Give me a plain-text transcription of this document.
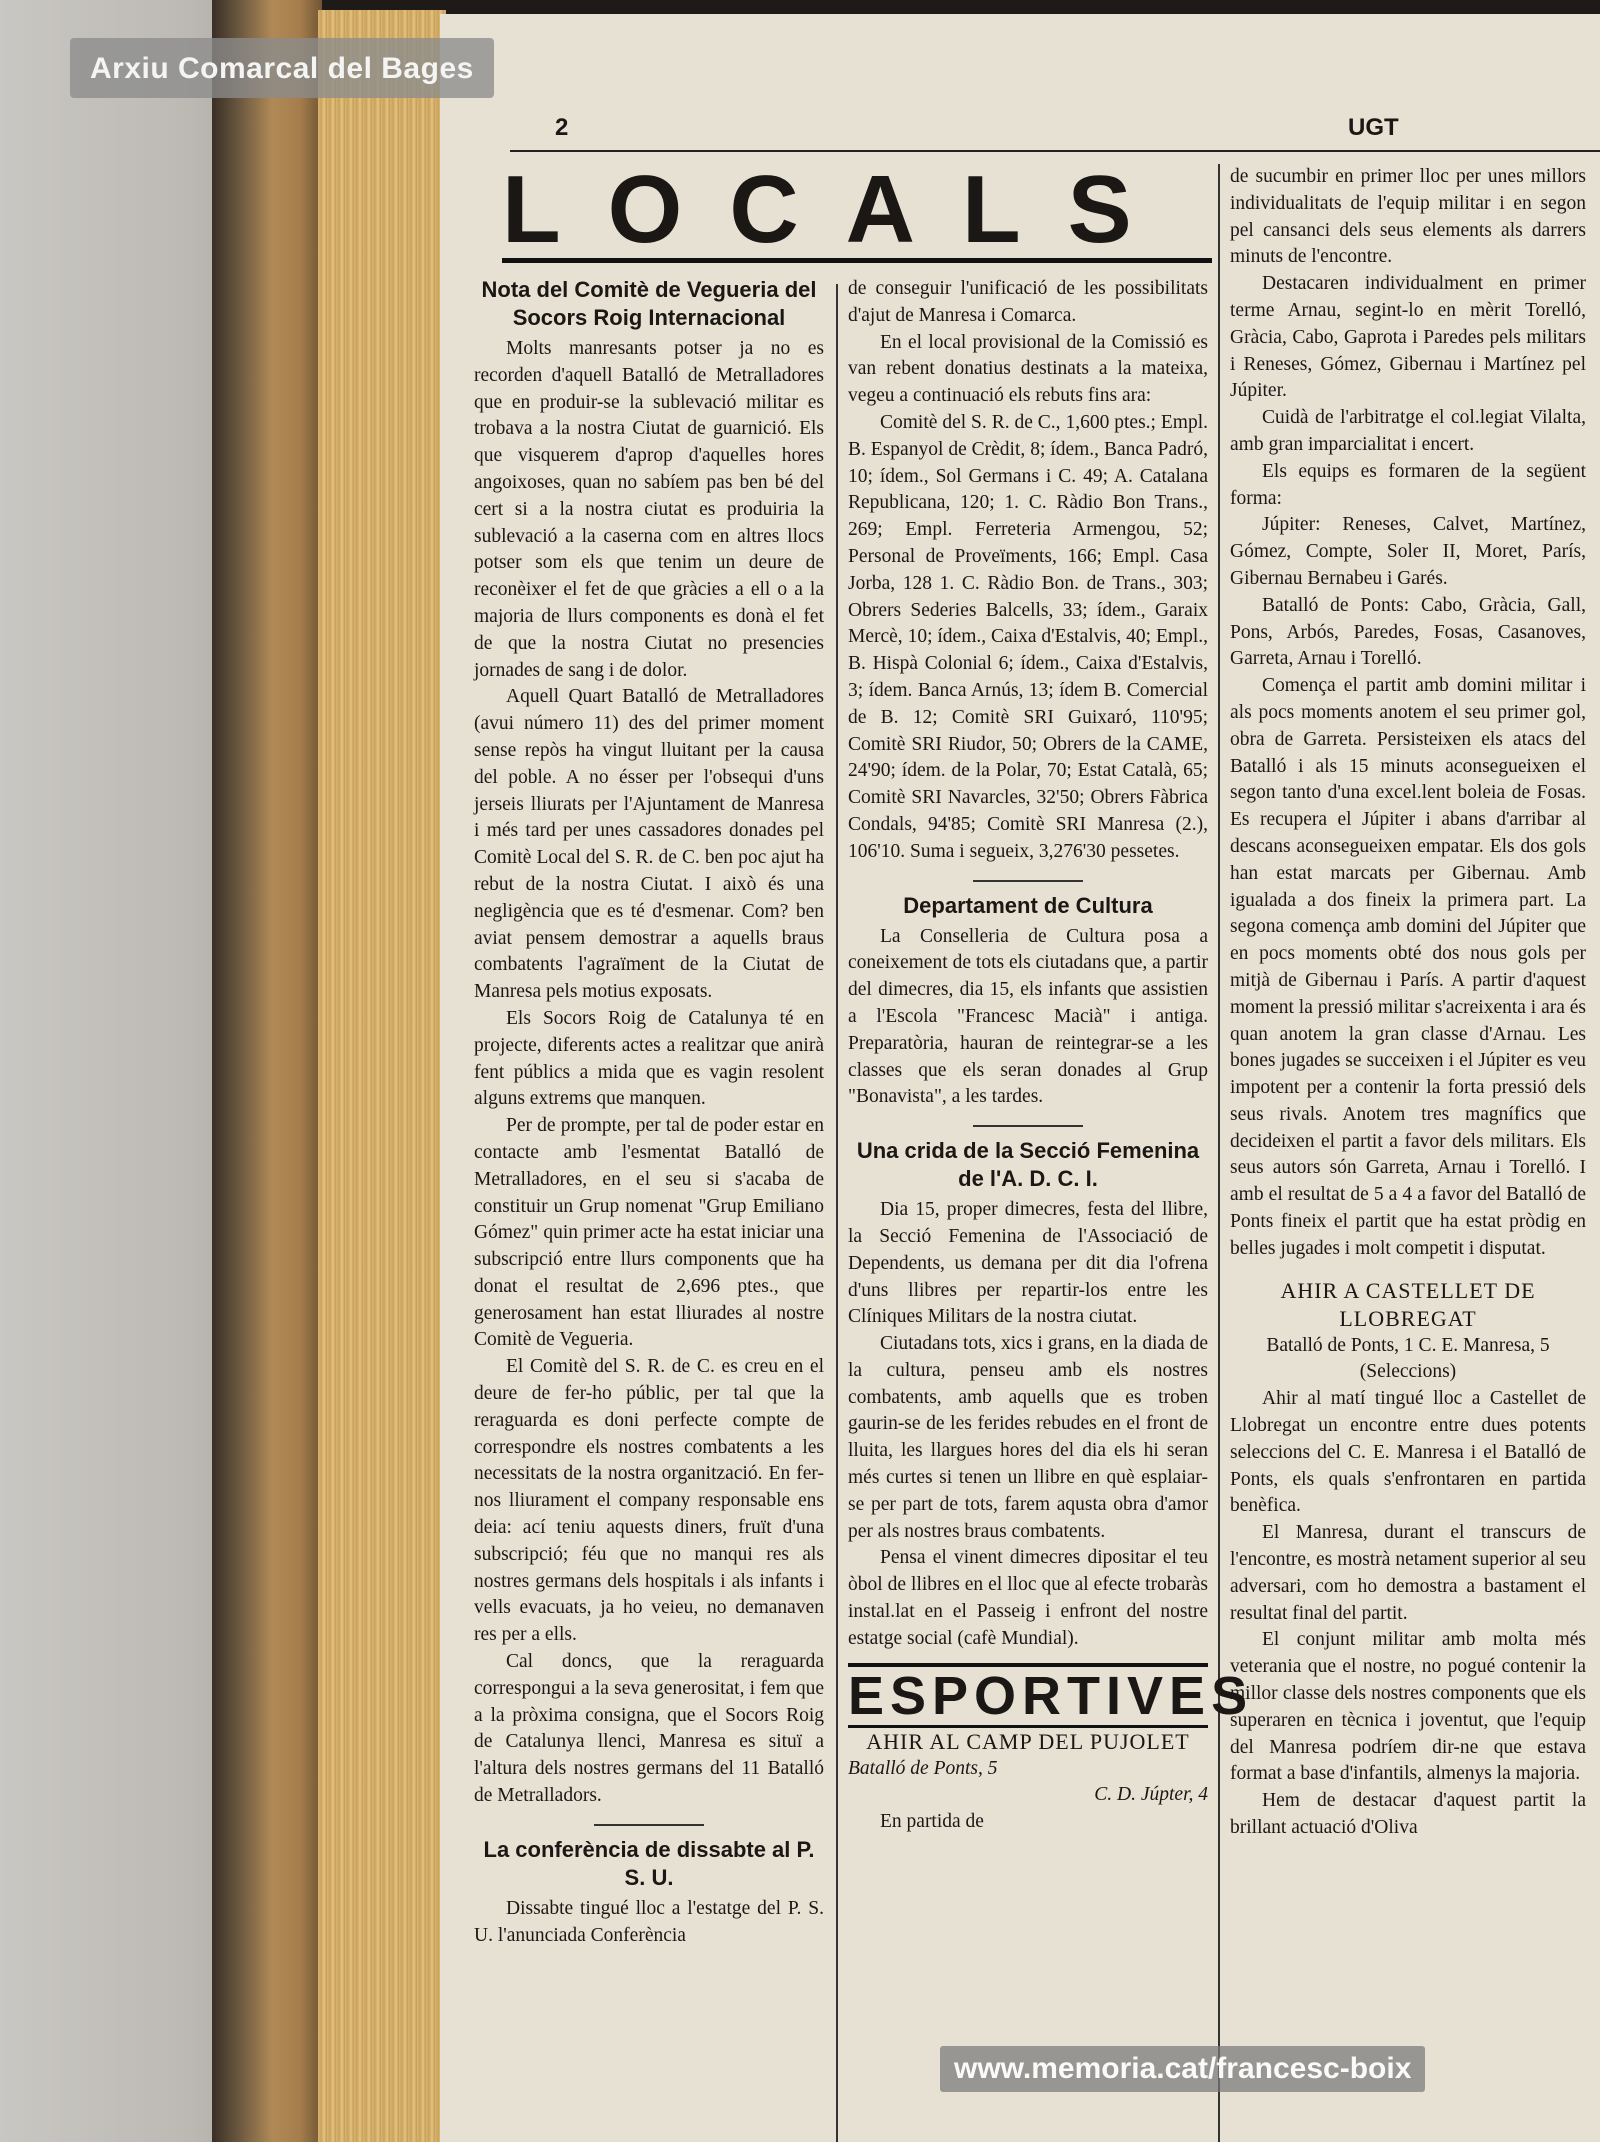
2	UGT
LOCALS
Nota del Comitè de Vegueria del Socors Roig Internacional

Molts manresants potser ja no es recorden d'aquell Batalló de Metralladores que en produir-se la sublevació militar es trobava a la nostra Ciutat de guarnició. Els que visquerem d'aprop d'aquelles hores angoixoses, quan no sabíem pas ben bé del cert si a la nostra ciutat es produiria la sublevació a la caserna com en altres llocs potser som els que tenim un deure de reconèixer el fet de que gràcies a ell o a la majoria de llurs components es donà el fet de que la nostra Ciutat no presencies jornades de sang i de dolor.

Aquell Quart Batalló de Metralladores (avui número 11) des del primer moment sense repòs ha vingut lluitant per la causa del poble. A no ésser per l'obsequi d'uns jerseis lliurats per l'Ajuntament de Manresa i més tard per unes cassadores donades pel Comitè Local del S. R. de C. ben poc ajut ha rebut de la nostra Ciutat. I això és una negligència que es té d'esmenar. Com? ben aviat pensem demostrar a aquells braus combatents l'agraïment de la Ciutat de Manresa pels motius exposats.

Els Socors Roig de Catalunya té en projecte, diferents actes a realitzar que anirà fent públics a mida que es vagin resolent alguns extrems que manquen.

Per de prompte, per tal de poder estar en contacte amb l'esmentat Batalló de Metralladores, en el seu si s'acaba de constituir un Grup nomenat "Grup Emiliano Gómez" quin primer acte ha estat iniciar una subscripció entre llurs components que ha donat el resultat de 2,696 ptes., que generosament han estat lliurades al nostre Comitè de Vegueria.

El Comitè del S. R. de C. es creu en el deure de fer-ho públic, per tal que la reraguarda es doni perfecte compte de correspondre els nostres combatents a les necessitats de la nostra organització. En fer-nos lliurament el company responsable ens deia: ací teniu aquests diners, fruït d'una subscripció; féu que no manqui res als nostres germans dels hospitals i als infants i vells evacuats, ja ho veieu, no demanaven res per a ells.

Cal doncs, que la reraguarda correspongui a la seva generositat, i fem que a la pròxima consigna, que el Socors Roig de Catalunya llenci, Manresa es situï a l'altura dels nostres germans del 11 Batalló de Metralladors.

La conferència de dissabte al P. S. U.

Dissabte tingué lloc a l'estatge del P. S. U. l'anunciada Conferència

de conseguir l'unificació de les possibilitats d'ajut de Manresa i Comarca.

En el local provisional de la Comissió es van rebent donatius destinats a la mateixa, vegeu a continuació els rebuts fins ara:

Comitè del S. R. de C., 1,600 ptes.; Empl. B. Espanyol de Crèdit, 8; ídem., Banca Padró, 10; ídem., Sol Germans i C. 49; A. Catalana Republicana, 120; 1. C. Ràdio Bon Trans., 269; Empl. Ferreteria Armengou, 52; Personal de Proveïments, 166; Empl. Casa Jorba, 128 1. C. Ràdio Bon. de Trans., 303; Obrers Sederies Balcells, 33; ídem., Garaix Mercè, 10; ídem., Caixa d'Estalvis, 40; Empl., B. Hispà Colonial 6; ídem., Caixa d'Estalvis, 3; ídem. Banca Arnús, 13; ídem B. Comercial de B. 12; Comitè SRI Guixaró, 110'95; Comitè SRI Riudor, 50; Obrers de la CAME, 24'90; ídem. de la Polar, 70; Estat Català, 65; Comitè SRI Navarcles, 32'50; Obrers Fàbrica Condals, 94'85; Comitè SRI Manresa (2.), 106'10. Suma i segueix, 3,276'30 pessetes.

Departament de Cultura

La Conselleria de Cultura posa a coneixement de tots els ciutadans que, a partir del dimecres, dia 15, els infants que assistien a l'Escola "Francesc Macià" i antiga. Preparatòria, hauran de reintegrar-se a les classes que els seran donades al Grup "Bonavista", a les tardes.

Una crida de la Secció Femenina de l'A. D. C. I.

Dia 15, proper dimecres, festa del llibre, la Secció Femenina de l'Associació de Dependents, us demana per dit dia l'ofrena d'uns llibres per repartir-los entre les Clíniques Militars de la nostra ciutat.

Ciutadans tots, xics i grans, en la diada de la cultura, penseu amb els nostres combatents, amb aquells que es troben gaurin-se de les ferides rebudes en el front de lluita, les llargues hores del dia els hi seran més curtes si tenen un llibre en què esplaiar-se per part de tots, farem aqusta obra d'amor per als nostres braus combatents.

Pensa el vinent dimecres dipositar el teu òbol de llibres en el lloc que al efecte trobaràs instal.lat en el Passeig i enfront del nostre estatge social (cafè Mundial).

ESPORTIVES
AHIR AL CAMP DEL PUJOLET
Batalló de Ponts, 5
C. D. Júpter, 4

En partida de

de sucumbir en primer lloc per unes millors individualitats de l'equip militar i en segon pel cansanci dels seus elements als darrers minuts de l'encontre.

Destacaren individualment en primer terme Arnau, segint-lo en mèrit Torelló, Gràcia, Cabo, Gaprota i Paredes pels militars i Reneses, Gómez, Gibernau i Martínez pel Júpiter.

Cuidà de l'arbitratge el col.legiat Vilalta, amb gran imparcialitat i encert.

Els equips es formaren de la següent forma:

Júpiter: Reneses, Calvet, Martínez, Gómez, Compte, Soler II, Moret, París, Gibernau Bernabeu i Garés.

Batalló de Ponts: Cabo, Gràcia, Gall, Pons, Arbós, Paredes, Fosas, Casanoves, Garreta, Arnau i Torelló.

Comença el partit amb domini militar i als pocs moments anotem el seu primer gol, obra de Garreta. Persisteixen els atacs del Batalló i als 15 minuts aconsegueixen el segon tanto d'una excel.lent boleia de Fosas. Es recupera el Júpiter i abans d'arribar al descans aconsegueixen empatar. Els dos gols han estat marcats per Gibernau. Amb igualada a dos fineix la primera part. La segona comença amb domini del Júpiter que en pocs moments obté dos nous gols per mitjà de Gibernau i París. A partir d'aquest moment la pressió militar s'acreixenta i ara és quan anotem la gran classe d'Arnau. Les bones jugades se succeixen i el Júpiter es veu impotent per a contenir la forta pressió dels seus rivals. Anotem tres magnífics que decideixen el partit a favor dels militars. Els seus autors són Garreta, Arnau i Torelló. I amb el resultat de 5 a 4 a favor del Batalló de Ponts fineix el partit que ha estat pròdig en belles jugades i molt competit i disputat.

AHIR A CASTELLET DE LLOBREGAT
Batalló de Ponts, 1 C. E. Manresa, 5
(Seleccions)

Ahir al matí tingué lloc a Castellet de Llobregat un encontre entre dues potents seleccions del C. E. Manresa i el Batalló de Ponts, els quals s'enfrontaren en partida benèfica.

El Manresa, durant el transcurs de l'encontre, es mostrà netament superior al seu adversari, com ho demostra a bastament el resultat final del partit.

El conjunt militar amb molta més veterania que el nostre, no pogué contenir la millor classe dels nostres components que els superaren en tècnica i joventut, que l'equip del Manresa podríem dir-ne que estava format a base d'infantils, almenys la majoria.

Hem de destacar d'aquest partit la brillant actuació d'Oliva

Arxiu Comarcal del Bages
www.memoria.cat/francesc-boix
